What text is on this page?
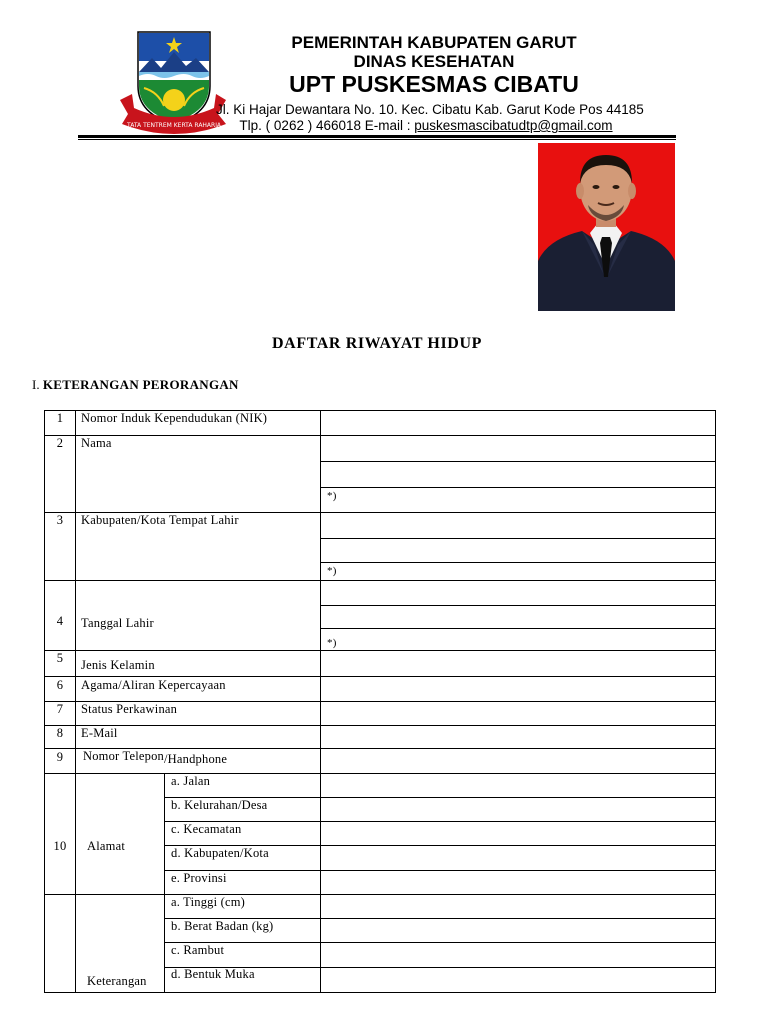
TATA TENTREM KERTA RAHARJA
PEMERINTAH KABUPATEN GARUT
DINAS KESEHATAN
UPT PUSKESMAS CIBATU
Jl. Ki Hajar Dewantara No. 10. Kec. Cibatu Kab. Garut Kode Pos 44185
Tlp. ( 0262 ) 466018 E-mail : puskesmascibatudtp@gmail.com
DAFTAR RIWAYAT HIDUP
I. KETERANGAN PERORANGAN
1
2
3
4
5
6
7
8
9
10
Nomor Induk Kependudukan (NIK)
Nama
Kabupaten/Kota Tempat Lahir
Tanggal Lahir
Jenis Kelamin
Agama/Aliran Kepercayaan
Status Perkawinan
E-Mail
Nomor Telepon/Handphone
Alamat
Keterangan
*)
*)
*)
a. Jalan
b. Kelurahan/Desa
c. Kecamatan
d. Kabupaten/Kota
e. Provinsi
a. Tinggi (cm)
b. Berat Badan (kg)
c. Rambut
d. Bentuk Muka
